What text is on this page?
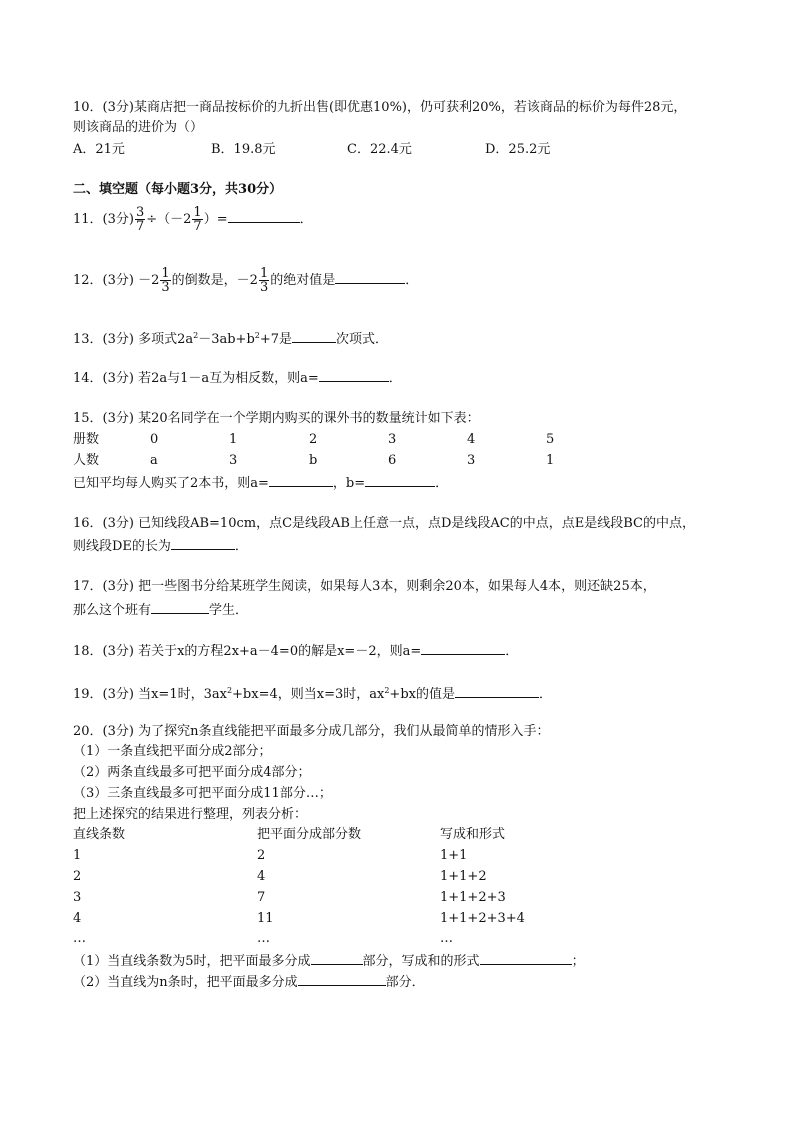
10．(3分)某商店把一商品按标价的九折出售(即优惠10%)，仍可获利20%，若该商品的标价为每件28元，
则该商品的进价为（）
A．21元	B．19.8元	C．22.4元	D．25.2元
二、填空题（每小题3分，共30分）
11．(3分) $\frac{3}{7} \div(-2 \frac{1}{7}$ ）=	．
12．(3分) $-2 \frac{1}{3}$ 的倒数是，$-2 \frac{1}{3}$ 的绝对值是	．
13．(3分) 多项式$2a^2-3ab+b^2+7$是	次项式．
14．(3分) 若2a与1－a互为相反数，则a=	．
15．(3分) 某20名同学在一个学期内购买的课外书的数量统计如下表：
册数	0	1	2	3	4	5
人数	a	3	b	6	3	1
已知平均每人购买了2本书，则a=	，b=	．
16．(3分) 已知线段AB=10cm，点C是线段AB上任意一点，点D是线段AC的中点，点E是线段BC的中点，
则线段DE的长为	．
17．(3分) 把一些图书分给某班学生阅读，如果每人3本，则剩余20本，如果每人4本，则还缺25本，
那么这个班有	学生．
18．(3分) 若关于x的方程2x+a－4=0的解是x=－2，则a=	．
19．(3分) 当x=1时，$3ax^2+bx=4$，则当x=3时，$ax^2+bx$的值是	．
20．(3分) 为了探究n条直线能把平面最多分成几部分，我们从最简单的情形入手：
（1）一条直线把平面分成2部分；
（2）两条直线最多可把平面分成4部分；
（3）三条直线最多可把平面分成11部分…；
把上述探究的结果进行整理，列表分析：
直线条数	把平面分成部分数	写成和形式
1	2	1+1
2	4	1+1+2
3	7	1+1+2+3
4	11	1+1+2+3+4
…	…	…
（1）当直线条数为5时，把平面最多分成	部分，写成和的形式	；
（2）当直线为n条时，把平面最多分成	部分．
